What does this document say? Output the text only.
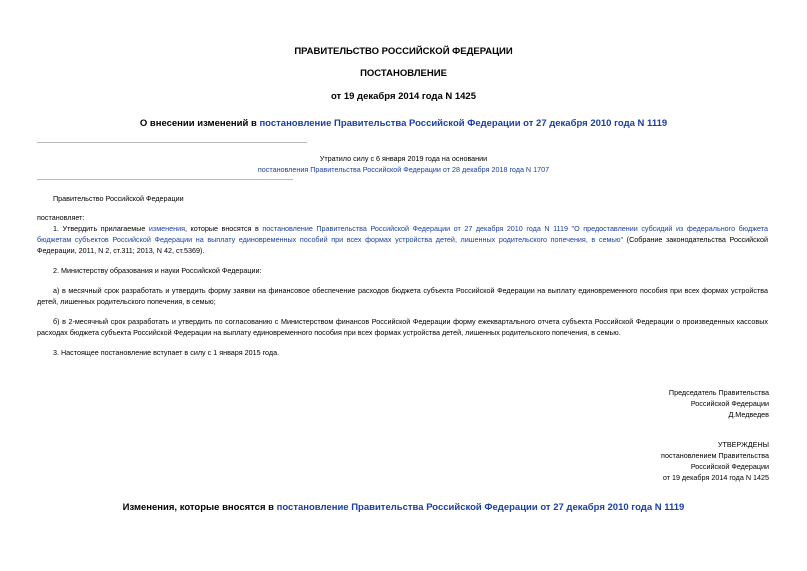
ПРАВИТЕЛЬСТВО РОССИЙСКОЙ ФЕДЕРАЦИИ
ПОСТАНОВЛЕНИЕ
от 19 декабря 2014 года N 1425
О внесении изменений в постановление Правительства Российской Федерации от 27 декабря 2010 года N 1119
Утратило силу с 6 января 2019 года на основании
постановления Правительства Российской Федерации от 28 декабря 2018 года N 1707
Правительство Российской Федерации
постановляет:
1. Утвердить прилагаемые изменения, которые вносятся в постановление Правительства Российской Федерации от 27 декабря 2010 года N 1119 "О предоставлении субсидий из федерального бюджета бюджетам субъектов Российской Федерации на выплату единовременных пособий при всех формах устройства детей, лишенных родительского попечения, в семью" (Собрание законодательства Российской Федерации, 2011, N 2, ст.311; 2013, N 42, ст.5369).
2. Министерству образования и науки Российской Федерации:
а) в месячный срок разработать и утвердить форму заявки на финансовое обеспечение расходов бюджета субъекта Российской Федерации на выплату единовременного пособия при всех формах устройства детей, лишенных родительского попечения, в семью;
б) в 2-месячный срок разработать и утвердить по согласованию с Министерством финансов Российской Федерации форму ежеквартального отчета субъекта Российской Федерации о произведенных кассовых расходах бюджета субъекта Российской Федерации на выплату единовременного пособия при всех формах устройства детей, лишенных родительского попечения, в семью.
3. Настоящее постановление вступает в силу с 1 января 2015 года.
Председатель Правительства
Российской Федерации
Д.Медведев
УТВЕРЖДЕНЫ
постановлением Правительства
Российской Федерации
от 19 декабря 2014 года N 1425
Изменения, которые вносятся в постановление Правительства Российской Федерации от 27 декабря 2010 года N 1119
